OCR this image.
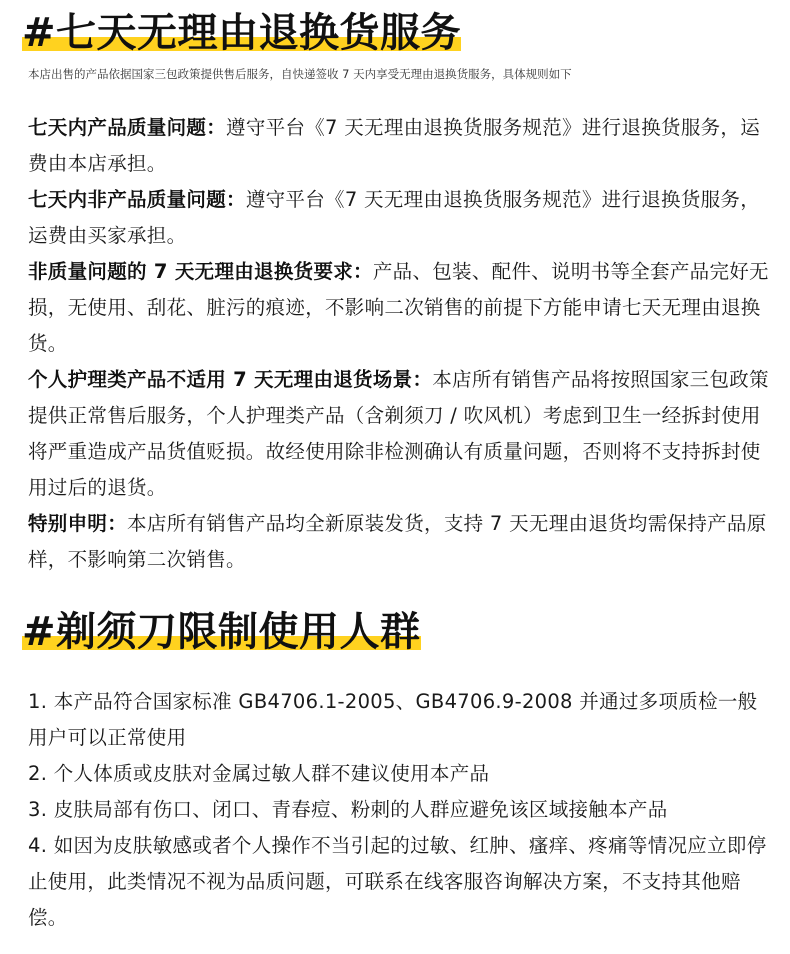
#七天无理由退换货服务
本店出售的产品依据国家三包政策提供售后服务，自快递签收 7 天内享受无理由退换货服务，具体规则如下

七天内产品质量问题：遵守平台《7 天无理由退换货服务规范》进行退换货服务，运费由本店承担。

七天内非产品质量问题：遵守平台《7 天无理由退换货服务规范》进行退换货服务，运费由买家承担。

非质量问题的 7 天无理由退换货要求：产品、包装、配件、说明书等全套产品完好无损，无使用、刮花、脏污的痕迹，不影响二次销售的前提下方能申请七天无理由退换货。

个人护理类产品不适用 7 天无理由退货场景：本店所有销售产品将按照国家三包政策提供正常售后服务，个人护理类产品（含剃须刀 / 吹风机）考虑到卫生一经拆封使用将严重造成产品货值贬损。故经使用除非检测确认有质量问题，否则将不支持拆封使用过后的退货。

特别申明：本店所有销售产品均全新原装发货，支持 7 天无理由退货均需保持产品原样，不影响第二次销售。

#剃须刀限制使用人群

1. 本产品符合国家标准 GB4706.1-2005、GB4706.9-2008 并通过多项质检一般用户可以正常使用

2. 个人体质或皮肤对金属过敏人群不建议使用本产品

3. 皮肤局部有伤口、闭口、青春痘、粉刺的人群应避免该区域接触本产品

4. 如因为皮肤敏感或者个人操作不当引起的过敏、红肿、瘙痒、疼痛等情况应立即停止使用，此类情况不视为品质问题，可联系在线客服咨询解决方案，不支持其他赔偿。
